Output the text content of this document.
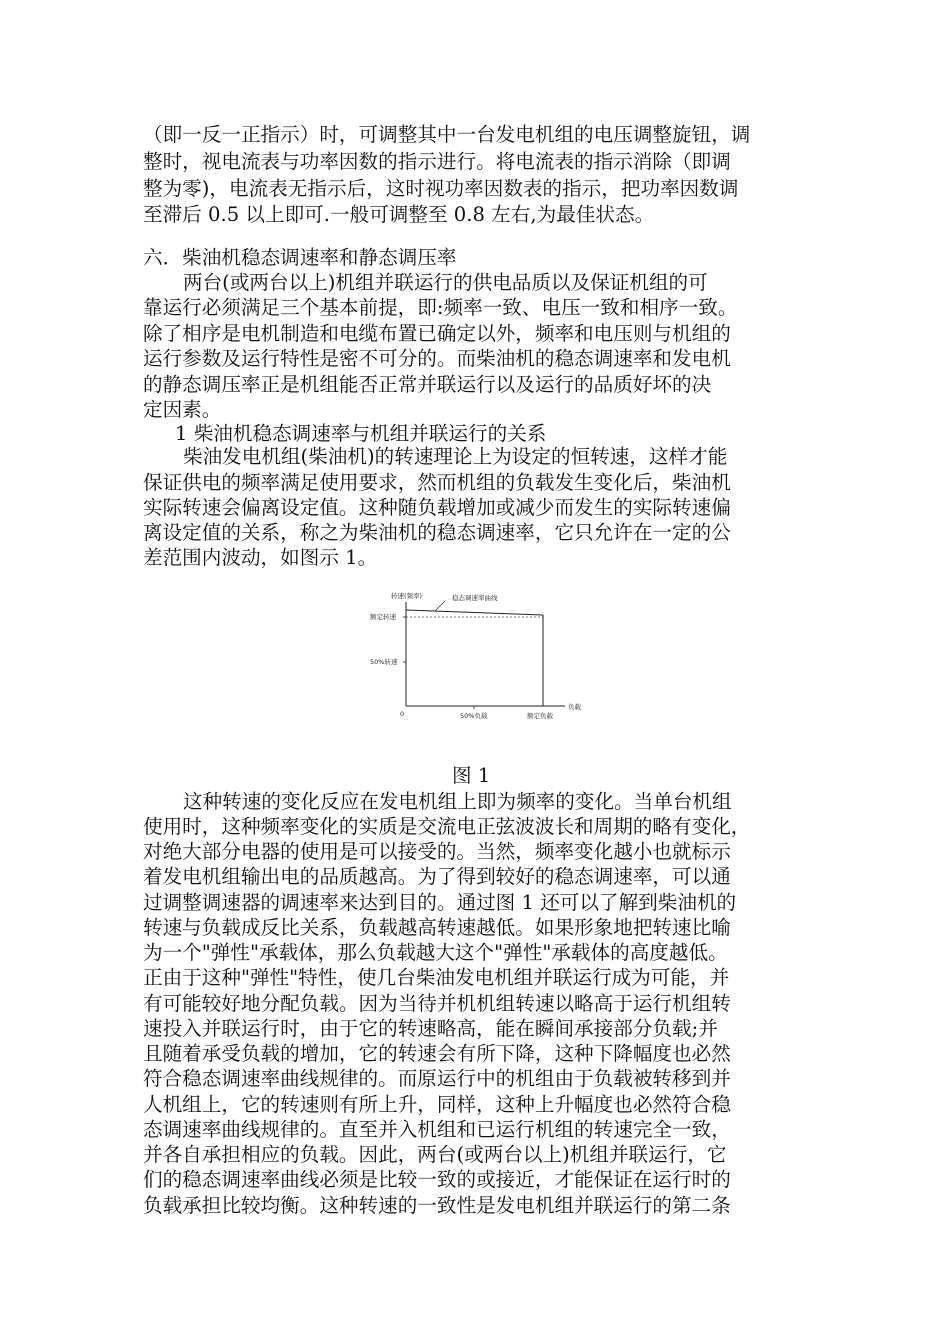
（即一反一正指示）时，可调整其中一台发电机组的电压调整旋钮，调
整时，视电流表与功率因数的指示进行。将电流表的指示消除（即调
整为零)，电流表无指示后，这时视功率因数表的指示，把功率因数调
至滞后 0.5 以上即可.一般可调整至 0.8 左右,为最佳状态。
六．柴油机稳态调速率和静态调压率
两台(或两台以上)机组并联运行的供电品质以及保证机组的可
靠运行必须满足三个基本前提，即:频率一致、电压一致和相序一致。
除了相序是电机制造和电缆布置已确定以外，频率和电压则与机组的
运行参数及运行特性是密不可分的。而柴油机的稳态调速率和发电机
的静态调压率正是机组能否正常并联运行以及运行的品质好坏的决
定因素。
1 柴油机稳态调速率与机组并联运行的关系
柴油发电机组(柴油机)的转速理论上为设定的恒转速，这样才能
保证供电的频率满足使用要求，然而机组的负载发生变化后，柴油机
实际转速会偏离设定值。这种随负载增加或减少而发生的实际转速偏
离设定值的关系，称之为柴油机的稳态调速率，它只允许在一定的公
差范围内波动，如图示 1。
转速(频率)	稳态调速率曲线
额定转速
50%转速
0	50%负载	额定负载
负载
图 1
这种转速的变化反应在发电机组上即为频率的变化。当单台机组
使用时，这种频率变化的实质是交流电正弦波波长和周期的略有变化，
对绝大部分电器的使用是可以接受的。当然，频率变化越小也就标示
着发电机组输出电的品质越高。为了得到较好的稳态调速率，可以通
过调整调速器的调速率来达到目的。通过图 1 还可以了解到柴油机的
转速与负载成反比关系，负载越高转速越低。如果形象地把转速比喻
为一个"弹性"承载体，那么负载越大这个"弹性"承载体的高度越低。
正由于这种"弹性"特性，使几台柴油发电机组并联运行成为可能，并
有可能较好地分配负载。因为当待并机机组转速以略高于运行机组转
速投入并联运行时，由于它的转速略高，能在瞬间承接部分负载;并
且随着承受负载的增加，它的转速会有所下降，这种下降幅度也必然
符合稳态调速率曲线规律的。而原运行中的机组由于负载被转移到并
人机组上，它的转速则有所上升，同样，这种上升幅度也必然符合稳
态调速率曲线规律的。直至并入机组和已运行机组的转速完全一致，
并各自承担相应的负载。因此，两台(或两台以上)机组并联运行，它
们的稳态调速率曲线必须是比较一致的或接近，才能保证在运行时的
负载承担比较均衡。这种转速的一致性是发电机组并联运行的第二条
